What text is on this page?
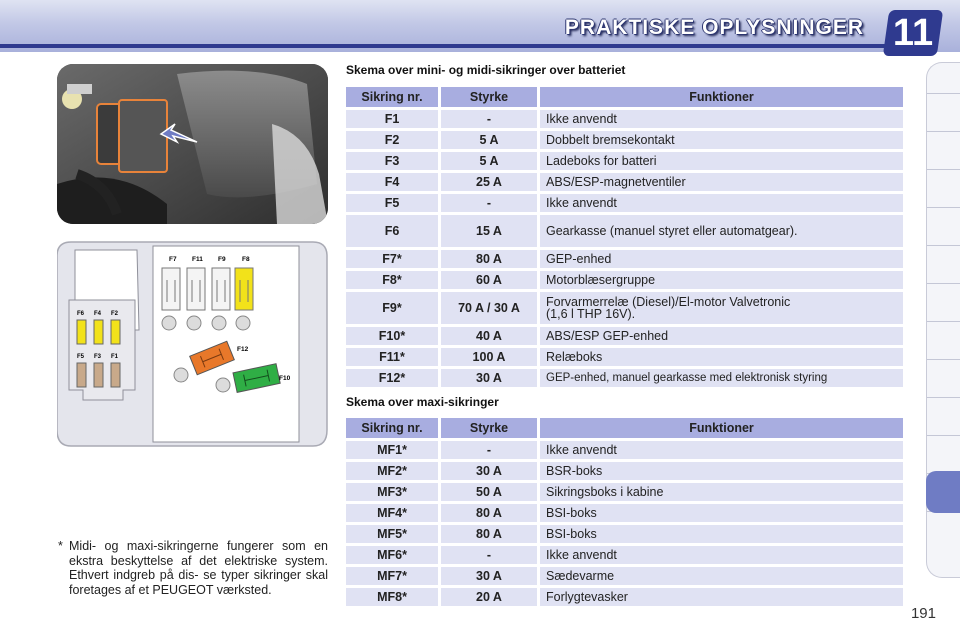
PRAKTISKE OPLYSNINGER 11
F7 F11 F9	F8
F12
F10
F6 F4 F2
F5 F3 F1
Skema over mini- og midi-sikringer over batteriet
Sikring nr.	Styrke	Funktioner
F1	-	Ikke anvendt
F2	5 A	Dobbelt bremsekontakt
F3	5 A	Ladeboks for batteri
F4	25 A	ABS/ESP-magnetventiler
F5	-	Ikke anvendt
F6	15 A	Gearkasse (manuel styret eller automatgear).
F7*	80 A	GEP-enhed
F8*	60 A	Motorblæsergruppe
F9*	70 A / 30 A	Forvarmerrelæ (Diesel)/El-motor Valvetronic
(1,6 l THP 16V).
F10*	40 A	ABS/ESP GEP-enhed
F11*	100 A	Relæboks
F12*	30 A	GEP-enhed, manuel gearkasse med elektronisk styring
Skema over maxi-sikringer
Sikring nr.	Styrke	Funktioner
MF1*	-	Ikke anvendt
MF2*	30 A	BSR-boks
MF3*	50 A	Sikringsboks i kabine
MF4*	80 A	BSI-boks
MF5*	80 A	BSI-boks
MF6*	-	Ikke anvendt
MF7*	30 A	Sædevarme
MF8*	20 A	Forlygtevasker
* Midi- og maxi-sikringerne fungerer som en ekstra beskyttelse af det elektriske system. Ethvert indgreb på dis- se typer sikringer skal foretages af et PEUGEOT værksted.
191
